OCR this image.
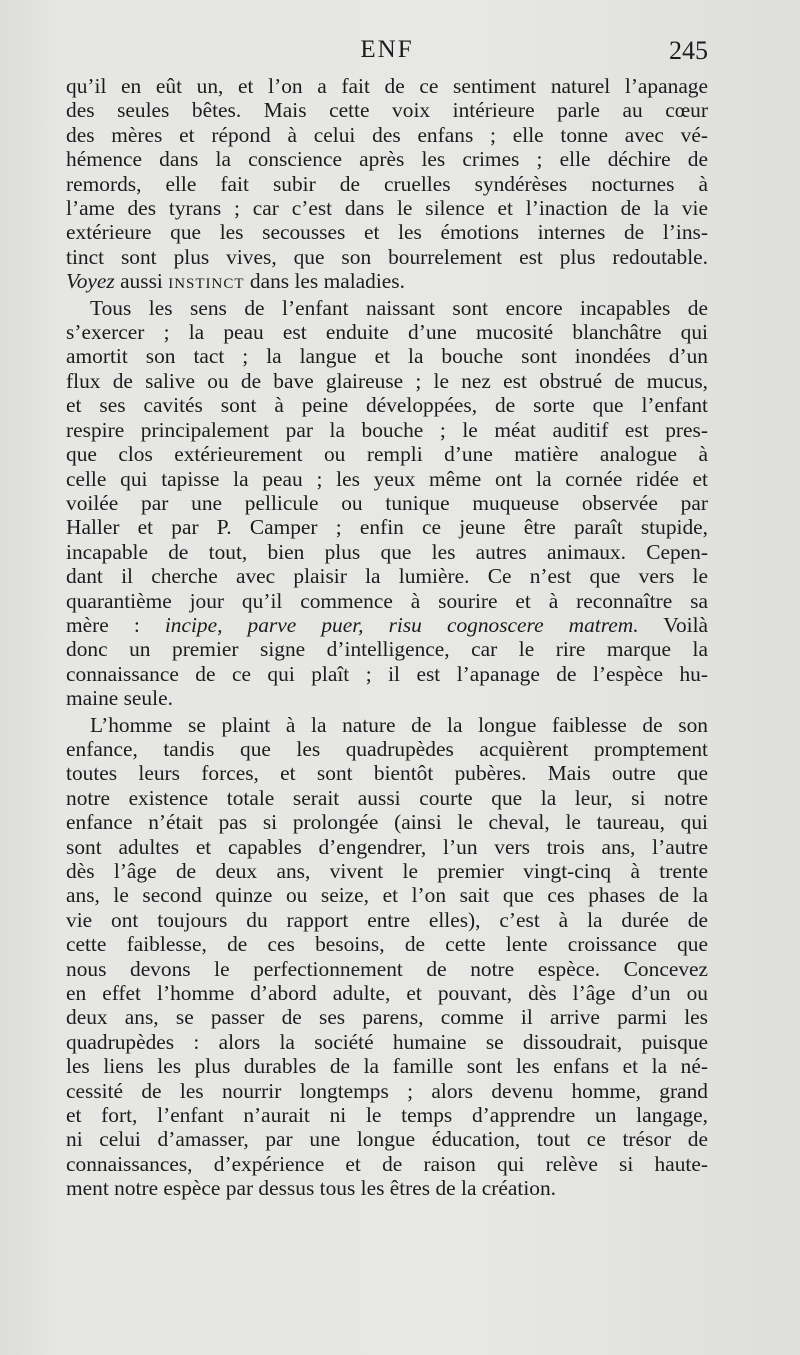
ENF	245
qu’il en eût un, et l’on a fait de ce sentiment naturel l’apanage
des seules bêtes. Mais cette voix intérieure parle au cœur
des mères et répond à celui des enfans ; elle tonne avec vé-
hémence dans la conscience après les crimes ; elle déchire de
remords, elle fait subir de cruelles syndérèses nocturnes à
l’ame des tyrans ; car c’est dans le silence et l’inaction de la vie
extérieure que les secousses et les émotions internes de l’ins-
tinct sont plus vives, que son bourrelement est plus redoutable.
Voyez aussi instinct dans les maladies.
Tous les sens de l’enfant naissant sont encore incapables de
s’exercer ; la peau est enduite d’une mucosité blanchâtre qui
amortit son tact ; la langue et la bouche sont inondées d’un
flux de salive ou de bave glaireuse ; le nez est obstrué de mucus,
et ses cavités sont à peine développées, de sorte que l’enfant
respire principalement par la bouche ; le méat auditif est pres-
que clos extérieurement ou rempli d’une matière analogue à
celle qui tapisse la peau ; les yeux même ont la cornée ridée et
voilée par une pellicule ou tunique muqueuse observée par
Haller et par P. Camper ; enfin ce jeune être paraît stupide,
incapable de tout, bien plus que les autres animaux. Cepen-
dant il cherche avec plaisir la lumière. Ce n’est que vers le
quarantième jour qu’il commence à sourire et à reconnaître sa
mère : incipe, parve puer, risu cognoscere matrem. Voilà
donc un premier signe d’intelligence, car le rire marque la
connaissance de ce qui plaît ; il est l’apanage de l’espèce hu-
maine seule.
L’homme se plaint à la nature de la longue faiblesse de son
enfance, tandis que les quadrupèdes acquièrent promptement
toutes leurs forces, et sont bientôt pubères. Mais outre que
notre existence totale serait aussi courte que la leur, si notre
enfance n’était pas si prolongée (ainsi le cheval, le taureau, qui
sont adultes et capables d’engendrer, l’un vers trois ans, l’autre
dès l’âge de deux ans, vivent le premier vingt-cinq à trente
ans, le second quinze ou seize, et l’on sait que ces phases de la
vie ont toujours du rapport entre elles), c’est à la durée de
cette faiblesse, de ces besoins, de cette lente croissance que
nous devons le perfectionnement de notre espèce. Concevez
en effet l’homme d’abord adulte, et pouvant, dès l’âge d’un ou
deux ans, se passer de ses parens, comme il arrive parmi les
quadrupèdes : alors la société humaine se dissoudrait, puisque
les liens les plus durables de la famille sont les enfans et la né-
cessité de les nourrir longtemps ; alors devenu homme, grand
et fort, l’enfant n’aurait ni le temps d’apprendre un langage,
ni celui d’amasser, par une longue éducation, tout ce trésor de
connaissances, d’expérience et de raison qui relève si haute-
ment notre espèce par dessus tous les êtres de la création.
